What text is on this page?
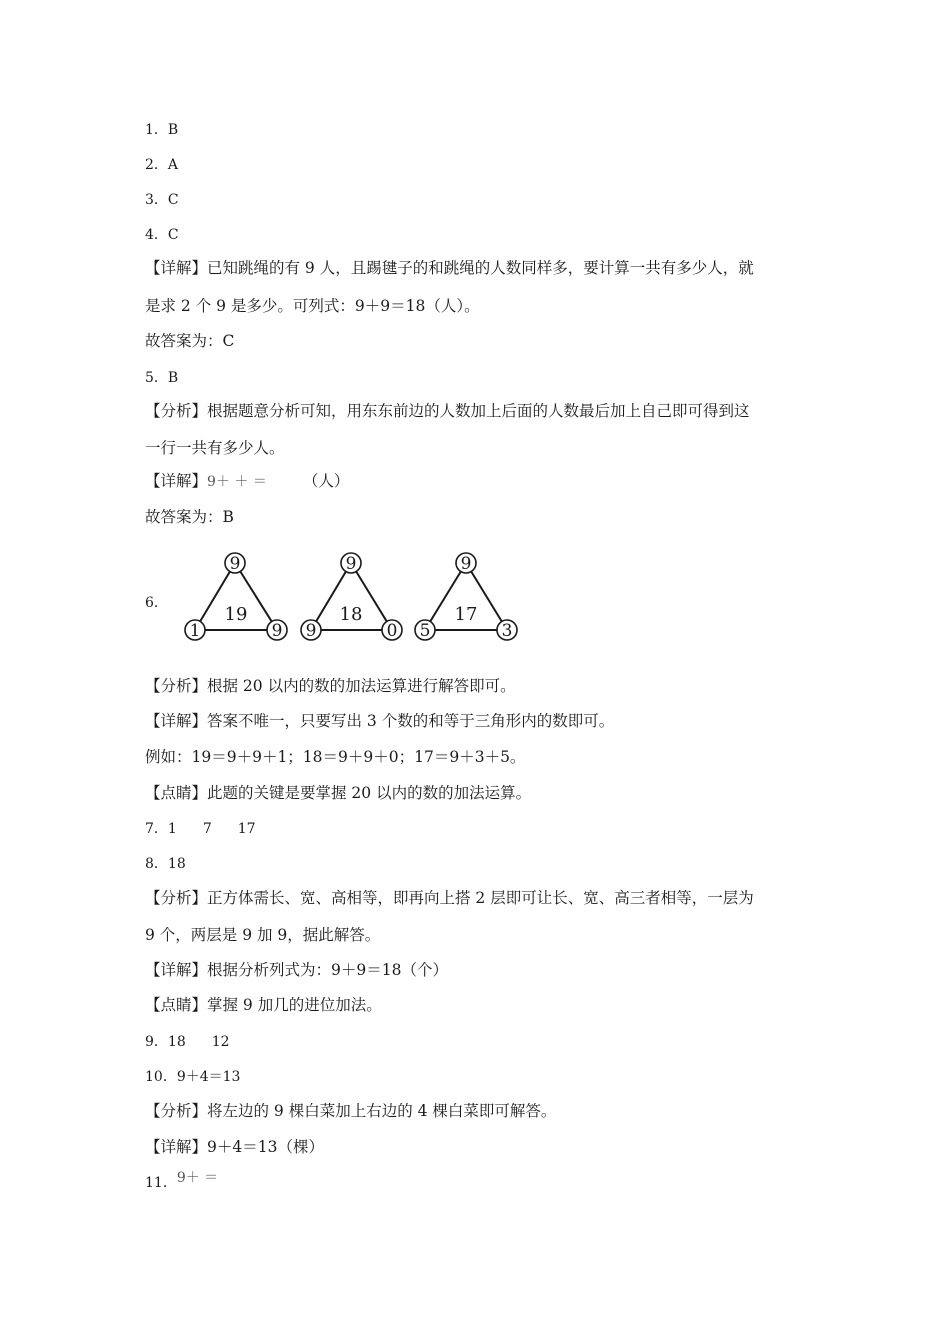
1．B
2．A
3．C
4．C
【详解】已知跳绳的有 9 人，且踢毽子的和跳绳的人数同样多，要计算一共有多少人，就
是求 2 个 9 是多少。可列式：9＋9＝18（人）。
故答案为：C
5．B
【分析】根据题意分析可知，用东东前边的人数加上后面的人数最后加上自己即可得到这
一行一共有多少人。
【详解】9＋ ＋ ＝ （人）
故答案为：B
6．
9
1	9
19
9
9	0
18
9
5	3
17
【分析】根据 20 以内的数的加法运算进行解答即可。
【详解】答案不唯一，只要写出 3 个数的和等于三角形内的数即可。
例如：19＝9＋9＋1；18＝9＋9＋0；17＝9＋3＋5。
【点睛】此题的关键是要掌握 20 以内的数的加法运算。
7．1 7 17
8．18
【分析】正方体需长、宽、高相等，即再向上搭 2 层即可让长、宽、高三者相等，一层为
9 个，两层是 9 加 9，据此解答。
【详解】根据分析列式为：9＋9＝18（个）
【点睛】掌握 9 加几的进位加法。
9．18 12
10．9＋4＝13
【分析】将左边的 9 棵白菜加上右边的 4 棵白菜即可解答。
【详解】9＋4＝13（棵）
11．9＋ ＝
